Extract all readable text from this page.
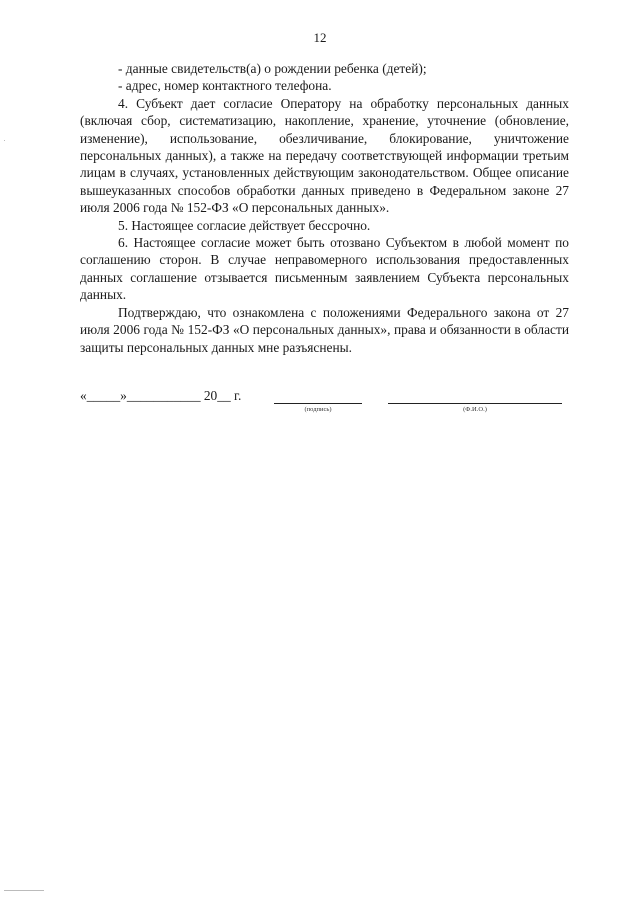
12

- данные свидетельств(а) о рождении ребенка (детей);

- адрес, номер контактного телефона.

4. Субъект дает согласие Оператору на обработку персональных данных (включая сбор, систематизацию, накопление, хранение, уточнение (обновление, изменение), использование, обезличивание, блокирование, уничтожение персональных данных), а также на передачу соответствующей информации третьим лицам в случаях, установленных действующим законодательством. Общее описание вышеуказанных способов обработки данных приведено в Федеральном законе 27 июля 2006 года № 152-ФЗ «О персональных данных».

5. Настоящее согласие действует бессрочно.

6. Настоящее согласие может быть отозвано Субъектом в любой момент по соглашению сторон. В случае неправомерного использования предоставленных данных соглашение отзывается письменным заявлением Субъекта персональных данных.

Подтверждаю, что ознакомлена с положениями Федерального закона от 27 июля 2006 года № 152-ФЗ «О персональных данных», права и обязанности в области защиты персональных данных мне разъяснены.

«_____»___________ 20__ г.
(подпись)	(Ф.И.О.)
